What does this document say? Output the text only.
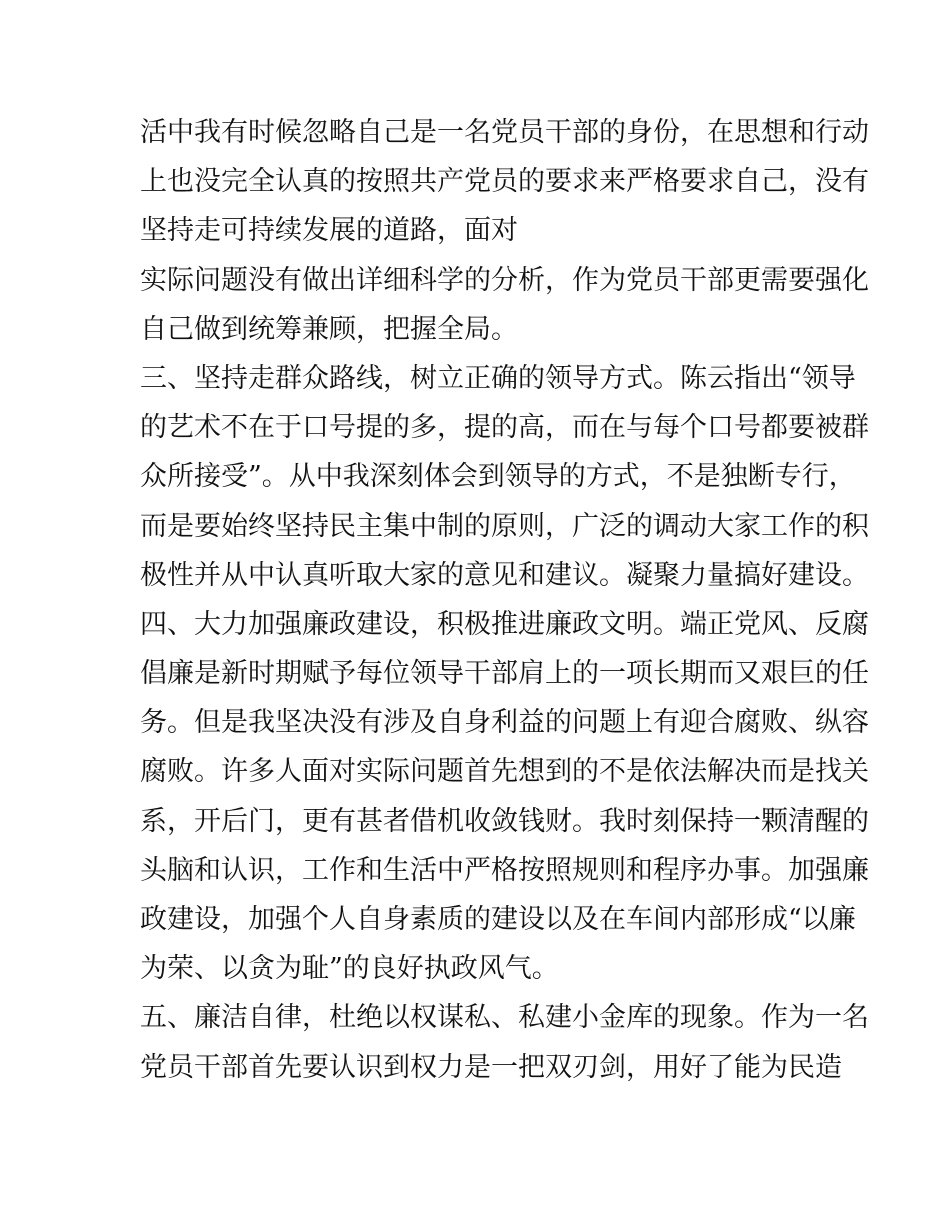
活中我有时候忽略自己是一名党员干部的身份，在思想和行动
上也没完全认真的按照共产党员的要求来严格要求自己，没有
坚持走可持续发展的道路，面对
实际问题没有做出详细科学的分析，作为党员干部更需要强化
自己做到统筹兼顾，把握全局。
三、坚持走群众路线，树立正确的领导方式。陈云指出“领导
的艺术不在于口号提的多，提的高，而在与每个口号都要被群
众所接受”。从中我深刻体会到领导的方式，不是独断专行，
而是要始终坚持民主集中制的原则，广泛的调动大家工作的积
极性并从中认真听取大家的意见和建议。凝聚力量搞好建设。
四、大力加强廉政建设，积极推进廉政文明。端正党风、反腐
倡廉是新时期赋予每位领导干部肩上的一项长期而又艰巨的任
务。但是我坚决没有涉及自身利益的问题上有迎合腐败、纵容
腐败。许多人面对实际问题首先想到的不是依法解决而是找关
系，开后门，更有甚者借机收敛钱财。我时刻保持一颗清醒的
头脑和认识，工作和生活中严格按照规则和程序办事。加强廉
政建设，加强个人自身素质的建设以及在车间内部形成“以廉
为荣、以贪为耻”的良好执政风气。
五、廉洁自律，杜绝以权谋私、私建小金库的现象。作为一名
党员干部首先要认识到权力是一把双刃剑，用好了能为民造
